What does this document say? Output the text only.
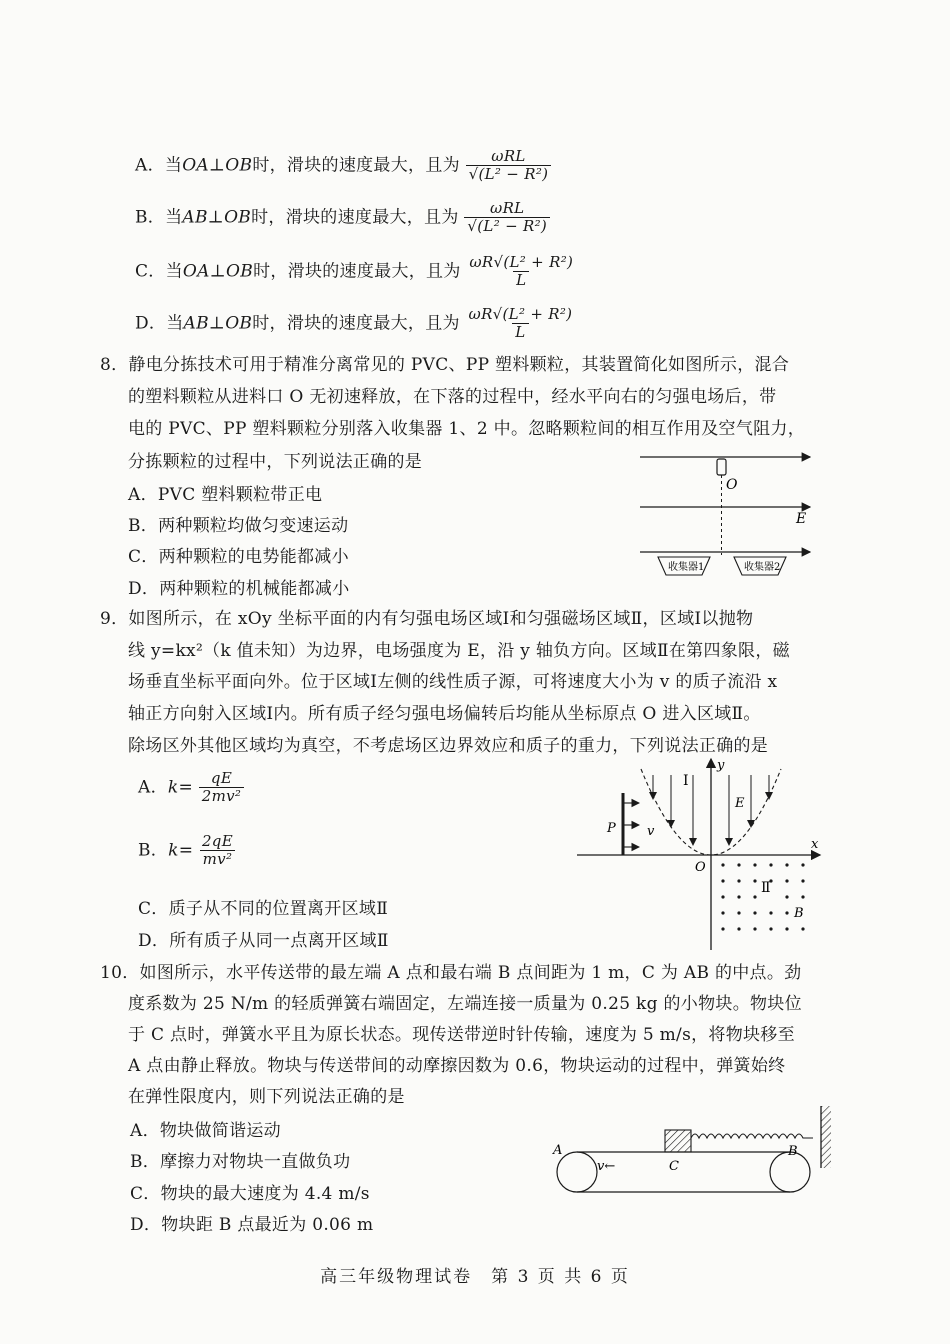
A．当OA⊥OB时，滑块的速度最大，且为 $\frac{\text{ωRL}}{\text{√(L² − R²)}}$
B．当AB⊥OB时，滑块的速度最大，且为 $\frac{\text{ωRL}}{\text{√(L² − R²)}}$
C．当OA⊥OB时，滑块的速度最大，且为 $\frac{\text{ωR√(L² + R²)}}{L}$
D．当AB⊥OB时，滑块的速度最大，且为 $\frac{\text{ωR√(L² + R²)}}{L}$
8．静电分拣技术可用于精准分离常见的 PVC、PP 塑料颗粒，其装置简化如图所示，混合
的塑料颗粒从进料口 O 无初速释放，在下落的过程中，经水平向右的匀强电场后，带
电的 PVC、PP 塑料颗粒分别落入收集器 1、2 中。忽略颗粒间的相互作用及空气阻力，
分拣颗粒的过程中，下列说法正确的是
A．PVC 塑料颗粒带正电
B．两种颗粒均做匀变速运动
C．两种颗粒的电势能都减小
D．两种颗粒的机械能都减小
O
E
收集器1	收集器2
9．如图所示，在 xOy 坐标平面的内有匀强电场区域Ⅰ和匀强磁场区域Ⅱ，区域Ⅰ以抛物
线 y=kx²（k 值未知）为边界，电场强度为 E，沿 y 轴负方向。区域Ⅱ在第四象限，磁
场垂直坐标平面向外。位于区域Ⅰ左侧的线性质子源，可将速度大小为 v 的质子流沿 x
轴正方向射入区域Ⅰ内。所有质子经匀强电场偏转后均能从坐标原点 O 进入区域Ⅱ。
除场区外其他区域均为真空，不考虑场区边界效应和质子的重力，下列说法正确的是
A．$k= \frac{qE}{\text{2mv²}}$
B．$k= \frac{2qE}{\text{mv²}}$
C．质子从不同的位置离开区域Ⅱ
D．所有质子从同一点离开区域Ⅱ
x
y
O
Ⅰ
E
P v
Ⅱ
B
10．如图所示，水平传送带的最左端 A 点和最右端 B 点间距为 1 m，C 为 AB 的中点。劲
度系数为 25 N/m 的轻质弹簧右端固定，左端连接一质量为 0.25 kg 的小物块。物块位
于 C 点时，弹簧水平且为原长状态。现传送带逆时针传输，速度为 5 m/s，将物块移至
A 点由静止释放。物块与传送带间的动摩擦因数为 0.6，物块运动的过程中，弹簧始终
在弹性限度内，则下列说法正确的是
A．物块做简谐运动
B．摩擦力对物块一直做负功
C．物块的最大速度为 4.4 m/s
D．物块距 B 点最近为 0.06 m
A	B
C
v←
高三年级物理试卷　第 3 页 共 6 页
